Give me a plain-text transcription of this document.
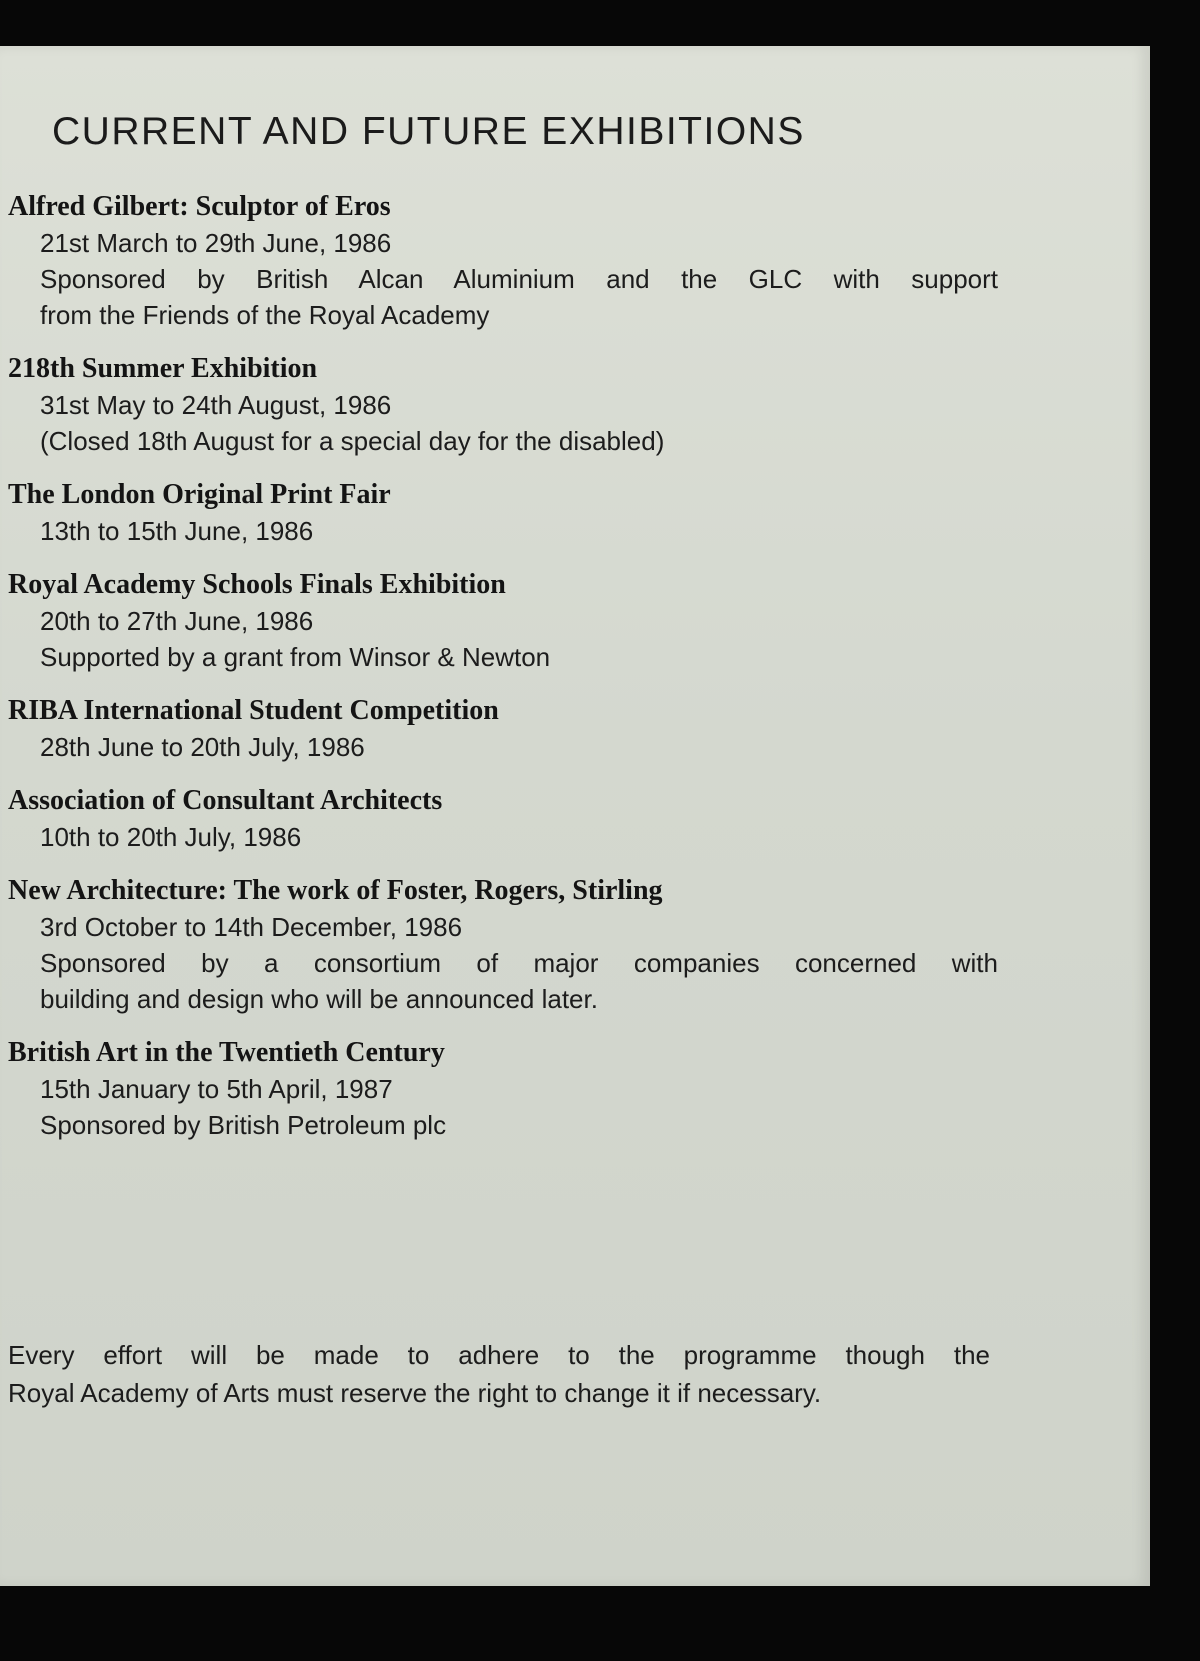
CURRENT AND FUTURE EXHIBITIONS
Alfred Gilbert: Sculptor of Eros
21st March to 29th June, 1986
Sponsored by British Alcan Aluminium and the GLC with support
from the Friends of the Royal Academy
218th Summer Exhibition
31st May to 24th August, 1986
(Closed 18th August for a special day for the disabled)
The London Original Print Fair
13th to 15th June, 1986
Royal Academy Schools Finals Exhibition
20th to 27th June, 1986
Supported by a grant from Winsor & Newton
RIBA International Student Competition
28th June to 20th July, 1986
Association of Consultant Architects
10th to 20th July, 1986
New Architecture: The work of Foster, Rogers, Stirling
3rd October to 14th December, 1986
Sponsored by a consortium of major companies concerned with
building and design who will be announced later.
British Art in the Twentieth Century
15th January to 5th April, 1987
Sponsored by British Petroleum plc
Every effort will be made to adhere to the programme though the
Royal Academy of Arts must reserve the right to change it if necessary.
